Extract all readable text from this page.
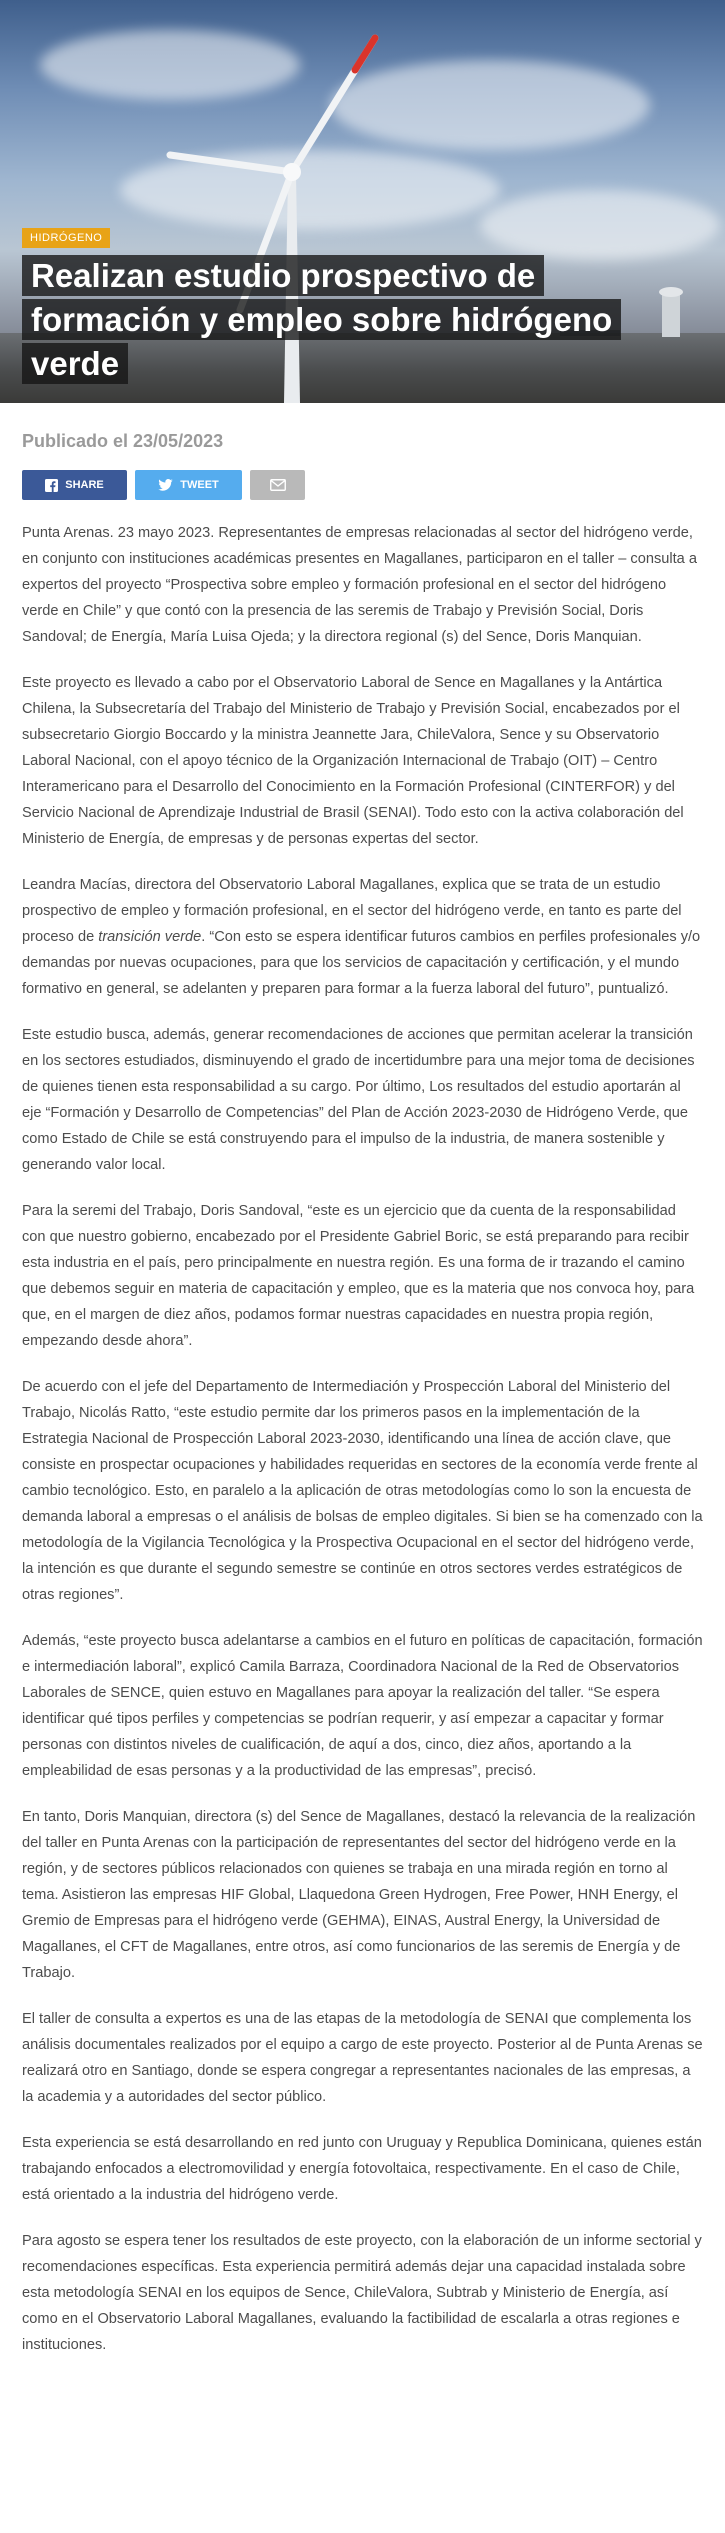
HIDRÓGENO
Realizan estudio prospectivo de
formación y empleo sobre hidrógeno
verde
Publicado el 23/05/2023
SHARE	TWEET

Punta Arenas. 23 mayo 2023. Representantes de empresas relacionadas al sector del hidrógeno verde, en conjunto con instituciones académicas presentes en Magallanes, participaron en el taller – consulta a expertos del proyecto “Prospectiva sobre empleo y formación profesional en el sector del hidrógeno verde en Chile” y que contó con la presencia de las seremis de Trabajo y Previsión Social, Doris Sandoval; de Energía, María Luisa Ojeda; y la directora regional (s) del Sence, Doris Manquian.

Este proyecto es llevado a cabo por el Observatorio Laboral de Sence en Magallanes y la Antártica Chilena, la Subsecretaría del Trabajo del Ministerio de Trabajo y Previsión Social, encabezados por el subsecretario Giorgio Boccardo y la ministra Jeannette Jara, ChileValora, Sence y su Observatorio Laboral Nacional, con el apoyo técnico de la Organización Internacional de Trabajo (OIT) – Centro Interamericano para el Desarrollo del Conocimiento en la Formación Profesional (CINTERFOR) y del Servicio Nacional de Aprendizaje Industrial de Brasil (SENAI). Todo esto con la activa colaboración del Ministerio de Energía, de empresas y de personas expertas del sector.

Leandra Macías, directora del Observatorio Laboral Magallanes, explica que se trata de un estudio prospectivo de empleo y formación profesional, en el sector del hidrógeno verde, en tanto es parte del proceso de transición verde. “Con esto se espera identificar futuros cambios en perfiles profesionales y/o demandas por nuevas ocupaciones, para que los servicios de capacitación y certificación, y el mundo formativo en general, se adelanten y preparen para formar a la fuerza laboral del futuro”, puntualizó.

Este estudio busca, además, generar recomendaciones de acciones que permitan acelerar la transición en los sectores estudiados, disminuyendo el grado de incertidumbre para una mejor toma de decisiones de quienes tienen esta responsabilidad a su cargo. Por último, Los resultados del estudio aportarán al eje “Formación y Desarrollo de Competencias” del Plan de Acción 2023-2030 de Hidrógeno Verde, que como Estado de Chile se está construyendo para el impulso de la industria, de manera sostenible y generando valor local.

Para la seremi del Trabajo, Doris Sandoval, “este es un ejercicio que da cuenta de la responsabilidad con que nuestro gobierno, encabezado por el Presidente Gabriel Boric, se está preparando para recibir esta industria en el país, pero principalmente en nuestra región. Es una forma de ir trazando el camino que debemos seguir en materia de capacitación y empleo, que es la materia que nos convoca hoy, para que, en el margen de diez años, podamos formar nuestras capacidades en nuestra propia región, empezando desde ahora”.

De acuerdo con el jefe del Departamento de Intermediación y Prospección Laboral del Ministerio del Trabajo, Nicolás Ratto, “este estudio permite dar los primeros pasos en la implementación de la Estrategia Nacional de Prospección Laboral 2023-2030, identificando una línea de acción clave, que consiste en prospectar ocupaciones y habilidades requeridas en sectores de la economía verde frente al cambio tecnológico. Esto, en paralelo a la aplicación de otras metodologías como lo son la encuesta de demanda laboral a empresas o el análisis de bolsas de empleo digitales. Si bien se ha comenzado con la metodología de la Vigilancia Tecnológica y la Prospectiva Ocupacional en el sector del hidrógeno verde, la intención es que durante el segundo semestre se continúe en otros sectores verdes estratégicos de otras regiones”.

Además, “este proyecto busca adelantarse a cambios en el futuro en políticas de capacitación, formación e intermediación laboral”, explicó Camila Barraza, Coordinadora Nacional de la Red de Observatorios Laborales de SENCE, quien estuvo en Magallanes para apoyar la realización del taller. “Se espera identificar qué tipos perfiles y competencias se podrían requerir, y así empezar a capacitar y formar personas con distintos niveles de cualificación, de aquí a dos, cinco, diez años, aportando a la empleabilidad de esas personas y a la productividad de las empresas”, precisó.

En tanto, Doris Manquian, directora (s) del Sence de Magallanes, destacó la relevancia de la realización del taller en Punta Arenas con la participación de representantes del sector del hidrógeno verde en la región, y de sectores públicos relacionados con quienes se trabaja en una mirada región en torno al tema. Asistieron las empresas HIF Global, Llaquedona Green Hydrogen, Free Power, HNH Energy, el Gremio de Empresas para el hidrógeno verde (GEHMA), EINAS, Austral Energy, la Universidad de Magallanes, el CFT de Magallanes, entre otros, así como funcionarios de las seremis de Energía y de Trabajo.

El taller de consulta a expertos es una de las etapas de la metodología de SENAI que complementa los análisis documentales realizados por el equipo a cargo de este proyecto. Posterior al de Punta Arenas se realizará otro en Santiago, donde se espera congregar a representantes nacionales de las empresas, a la academia y a autoridades del sector público.

Esta experiencia se está desarrollando en red junto con Uruguay y Republica Dominicana, quienes están trabajando enfocados a electromovilidad y energía fotovoltaica, respectivamente. En el caso de Chile, está orientado a la industria del hidrógeno verde.

Para agosto se espera tener los resultados de este proyecto, con la elaboración de un informe sectorial y recomendaciones específicas. Esta experiencia permitirá además dejar una capacidad instalada sobre esta metodología SENAI en los equipos de Sence, ChileValora, Subtrab y Ministerio de Energía, así como en el Observatorio Laboral Magallanes, evaluando la factibilidad de escalarla a otras regiones e instituciones.
